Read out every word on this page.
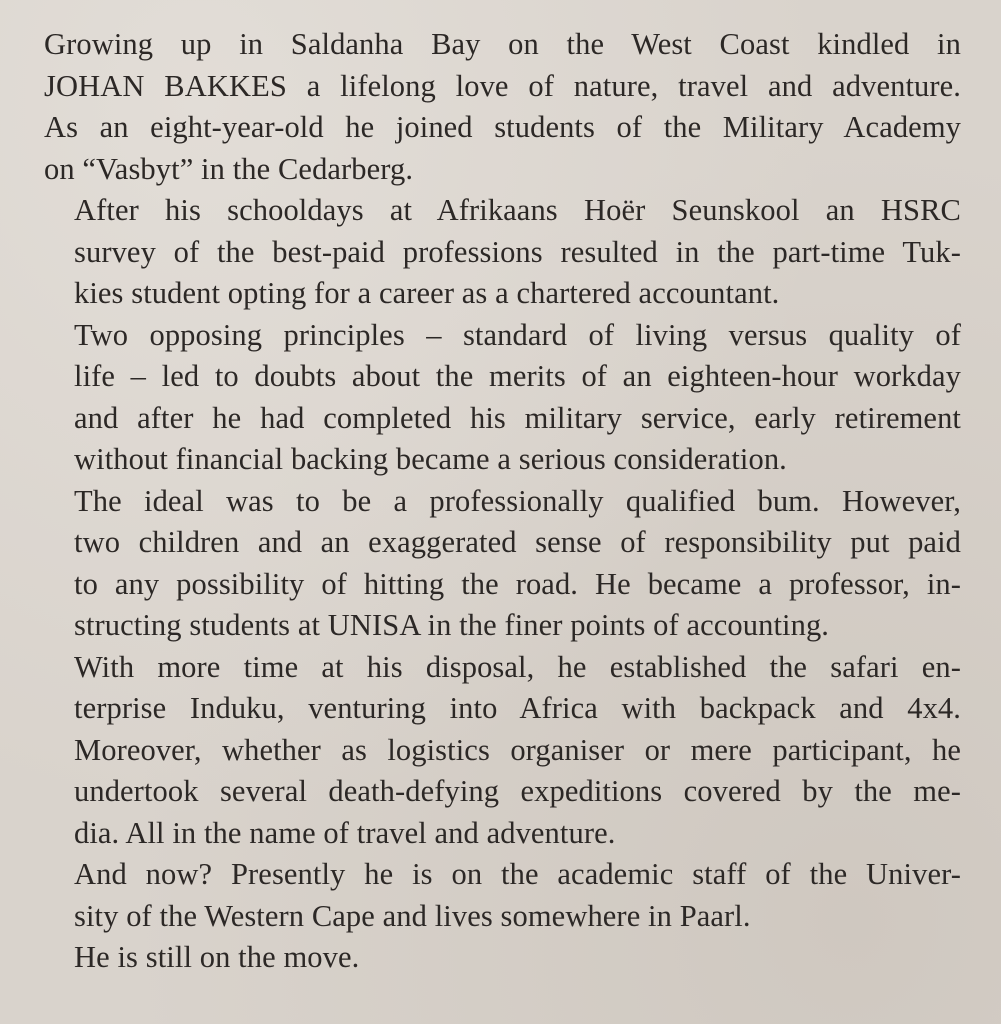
Growing up in Saldanha Bay on the West Coast kindled in
JOHAN BAKKES a lifelong love of nature, travel and adventure.
As an eight-year-old he joined students of the Military Academy
on “Vasbyt” in the Cedarberg.

After his schooldays at Afrikaans Hoër Seunskool an HSRC
survey of the best-paid professions resulted in the part-time Tuk-
kies student opting for a career as a chartered accountant.

Two opposing principles – standard of living versus quality of
life – led to doubts about the merits of an eighteen-hour workday
and after he had completed his military service, early retirement
without financial backing became a serious consideration.

The ideal was to be a professionally qualified bum. However,
two children and an exaggerated sense of responsibility put paid
to any possibility of hitting the road. He became a professor, in-
structing students at UNISA in the finer points of accounting.

With more time at his disposal, he established the safari en-
terprise Induku, venturing into Africa with backpack and 4x4.
Moreover, whether as logistics organiser or mere participant, he
undertook several death-defying expeditions covered by the me-
dia. All in the name of travel and adventure.

And now? Presently he is on the academic staff of the Univer-
sity of the Western Cape and lives somewhere in Paarl.

He is still on the move.
